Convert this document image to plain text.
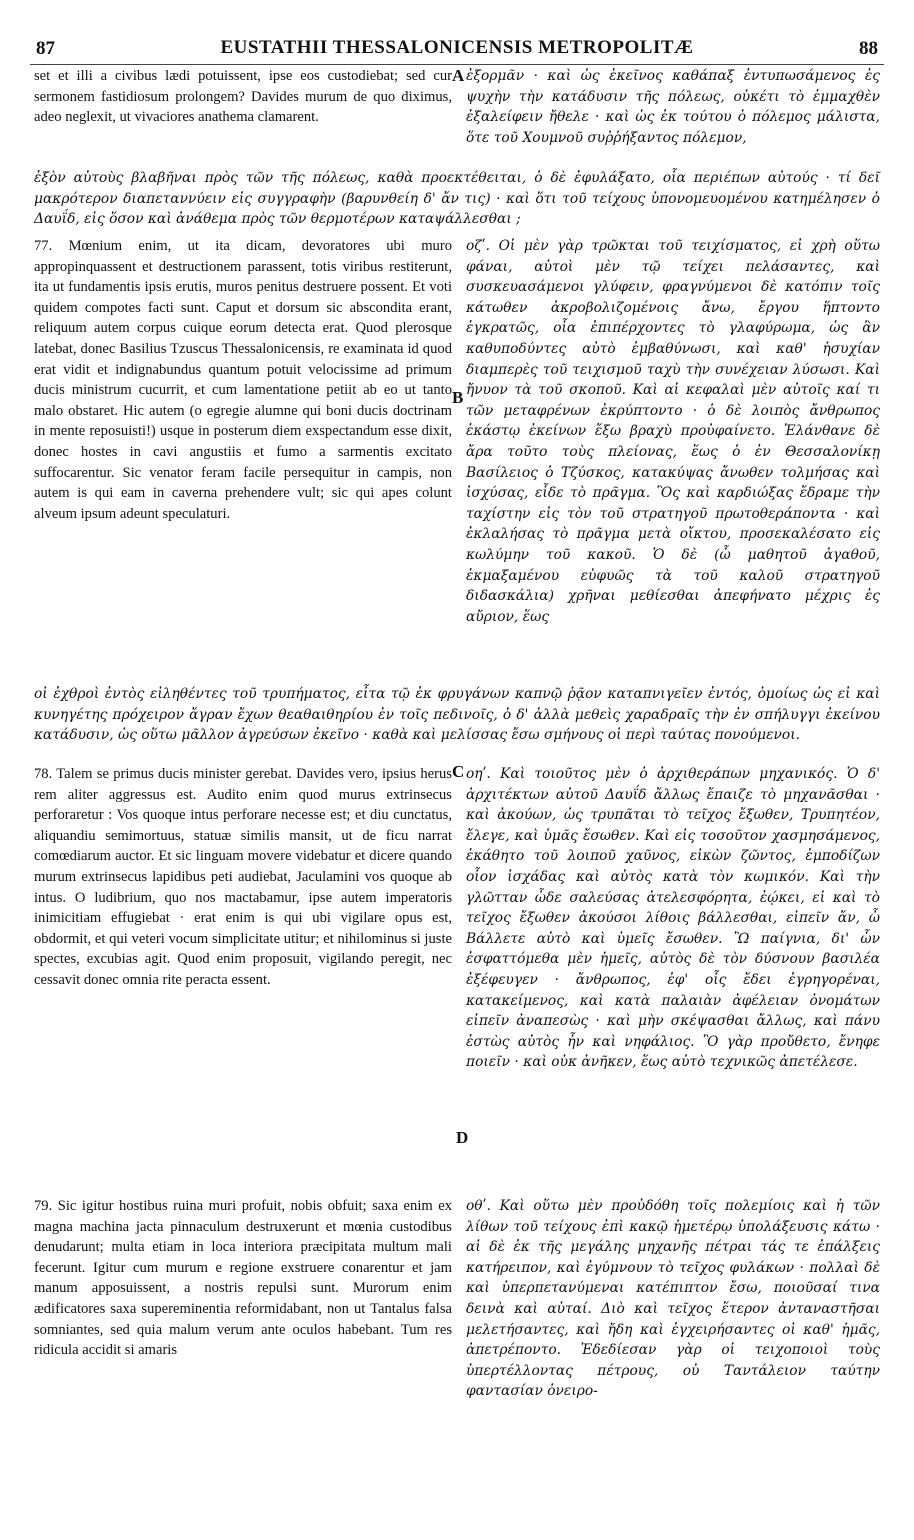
87	EUSTATHII THESSALONICENSIS METROPOLITÆ	88

set et illi a civibus lædi potuissent, ipse eos custodiebat; sed cur sermonem fastidiosum prolongem? Davides murum de quo diximus, adeo neglexit, ut vivaciores anathema clamarent.

A ἐξορμᾶν · καὶ ὡς ἐκεῖνος καθάπαξ ἐντυπωσάμενος ἐς ψυχὴν τὴν κατάδυσιν τῆς πόλεως, οὐκέτι τὸ ἐμμαχθὲν ἐξαλείφειν ἤθελε · καὶ ὡς ἐκ τούτου ὁ πόλεμος μάλιστα, ὅτε τοῦ Χουμνοῦ συῤῥήξαντος πόλεμον,

ἐξὸν αὐτοὺς βλαβῆναι πρὸς τῶν τῆς πόλεως, καθὰ προεκτέθειται, ὁ δὲ ἐφυλάξατο, οἷα περιέπων αὐτούς · τί δεῖ μακρότερον διαπεταννύειν εἰς συγγραφὴν (βαρυνθείη δ' ἄν τις) · καὶ ὅτι τοῦ τείχους ὑπονομευομένου κατημέλησεν ὁ Δαυΐδ, εἰς ὅσον καὶ ἀνάθεμα πρὸς τῶν θερμοτέρων καταψάλλεσθαι ;

77. Mœnium enim, ut ita dicam, devoratores ubi muro appropinquassent et destructionem parassent, totis viribus restiterunt, ita ut fundamentis ipsis erutis, muros penitus destruere possent. Et voti quidem compotes facti sunt. Caput et dorsum sic abscondita erant, reliquum autem corpus cuique eorum detecta erat. Quod plerosque latebat, donec Basilius Tzuscus Thessalonicensis, re examinata id quod erat vidit et indignabundus quantum potuit velocissime ad primum ducis ministrum cucurrit, et cum lamentatione petiit ab eo ut tanto malo obstaret. Hic autem (o egregie alumne qui boni ducis doctrinam in mente reposuisti!) usque in posterum diem exspectandum esse dixit, donec hostes in cavi angustiis et fumo a sarmentis excitato suffocarentur. Sic venator feram facile persequitur in campis, non autem is qui eam in caverna prehendere vult; sic qui apes colunt alveum ipsum adeunt speculaturi.

B

οζʹ. Οἱ μὲν γὰρ τρῶκται τοῦ τειχίσματος, εἰ χρὴ οὕτω φάναι, αὐτοὶ μὲν τῷ τείχει πελάσαντες, καὶ συσκευασάμενοι γλύφειν, φραγνύμενοι δὲ κατόπιν τοῖς κάτωθεν ἀκροβολιζομένοις ἄνω, ἔργου ἥπτοντο ἐγκρατῶς, οἷα ἐπιπέρχοντες τὸ γλαφύρωμα, ὡς ἂν καθυποδύντες αὐτὸ ἐμβαθύνωσι, καὶ καθ' ἡσυχίαν διαμπερὲς τοῦ τειχισμοῦ ταχὺ τὴν συνέχειαν λύσωσι. Καὶ ἤνυον τὰ τοῦ σκοποῦ. Καὶ αἱ κεφαλαὶ μὲν αὐτοῖς καί τι τῶν μεταφρένων ἐκρύπτοντο · ὁ δὲ λοιπὸς ἄνθρωπος ἑκάστῳ ἐκείνων ἔξω βραχὺ προὐφαίνετο. Ἐλάνθανε δὲ ἄρα τοῦτο τοὺς πλείονας, ἕως ὁ ἐν Θεσσαλονίκῃ Βασίλειος ὁ Τζύσκος, κατακύψας ἄνωθεν τολμήσας καὶ ἰσχύσας, εἶδε τὸ πρᾶγμα. Ὃς καὶ καρδιώξας ἔδραμε τὴν ταχίστην εἰς τὸν τοῦ στρατηγοῦ πρωτοθεράποντα · καὶ ἐκλαλήσας τὸ πρᾶγμα μετὰ οἴκτου, προσεκαλέσατο εἰς κωλύμην τοῦ κακοῦ. Ὁ δὲ (ὦ μαθητοῦ ἀγαθοῦ, ἐκμαξαμένου εὐφυῶς τὰ τοῦ καλοῦ στρατηγοῦ διδασκάλια) χρῆναι μεθίεσθαι ἀπεφήνατο μέχρις ἐς αὔριον, ἕως

οἱ ἐχθροὶ ἐντὸς εἰληθέντες τοῦ τρυπήματος, εἶτα τῷ ἐκ φρυγάνων καπνῷ ῥᾷον καταπνιγεῖεν ἐντός, ὁμοίως ὡς εἰ καὶ κυνηγέτης πρόχειρον ἄγραν ἔχων θεαθαιθηρίου ἐν τοῖς πεδινοῖς, ὁ δ' ἀλλὰ μεθεὶς χαραδραῖς τὴν ἐν σπήλυγγι ἐκείνου κατάδυσιν, ὡς οὕτω μᾶλλον ἀγρεύσων ἐκεῖνο · καθὰ καὶ μελίσσας ἔσω σμήνους οἱ περὶ ταύτας πονούμενοι.

78. Talem se primus ducis minister gerebat. Davides vero, ipsius herus rem aliter aggressus est. Audito enim quod murus extrinsecus perforaretur : Vos quoque intus perforare necesse est; et diu cunctatus, aliquandiu semimortuus, statuæ similis mansit, ut de ficu narrat comœdiarum auctor. Et sic linguam movere videbatur et dicere quando murum extrinsecus lapidibus peti audiebat, Jaculamini vos quoque ab intus. O ludibrium, quo nos mactabamur, ipse autem imperatoris inimicitiam effugiebat · erat enim is qui ubi vigilare opus est, obdormit, et qui veteri vocum simplicitate utitur; et nihilominus si juste spectes, excubias agit. Quod enim proposuit, vigilando peregit, nec cessavit donec omnia rite peracta essent.

C οηʹ. Καὶ τοιοῦτος μὲν ὁ ἀρχιθεράπων μηχανικός. Ὁ δ' ἀρχιτέκτων αὐτοῦ Δαυΐδ ἄλλως ἔπαιζε τὸ μηχανᾶσθαι · καὶ ἀκούων, ὡς τρυπᾶται τὸ τεῖχος ἔξωθεν, Τρυπητέον, ἔλεγε, καὶ ὑμᾶς ἔσωθεν. Καὶ εἰς τοσοῦτον χασμησάμενος, ἐκάθητο τοῦ λοιποῦ χαῦνος, εἰκὼν ζῶντος, ἐμποδίζων οἷον ἰσχάδας καὶ αὐτὸς κατὰ τὸν κωμικόν. Καὶ τὴν γλῶτταν ὧδε σαλεύσας ἀτελεσφόρητα, ἐῴκει, εἰ καὶ τὸ τεῖχος ἔξωθεν ἀκούσοι λίθοις βάλλεσθαι, εἰπεῖν ἄν, ὦ Βάλλετε αὐτὸ καὶ ὑμεῖς ἔσωθεν. Ὢ παίγνια, δι' ὧν ἐσφαττόμεθα μὲν ἡμεῖς, αὐτὸς δὲ τὸν δύσνουν βασιλέα ἐξέφευγεν · ἄνθρωπος, ἐφ' οἷς ἔδει ἐγρηγορέναι, κατακείμενος, καὶ κατὰ παλαιὰν ἀφέλειαν ὀνομάτων εἰπεῖν ἀναπεσὼς · καὶ μὴν σκέψασθαι ἄλλως, καὶ πάνυ ἐστὼς αὐτὸς ἦν καὶ νηφάλιος. Ὃ γὰρ προὔθετο, ἔνηφε ποιεῖν · καὶ οὐκ ἀνῆκεν, ἕως αὐτὸ τεχνικῶς ἀπετέλεσε.

D

79. Sic igitur hostibus ruina muri profuit, nobis obfuit; saxa enim ex magna machina jacta pinnaculum destruxerunt et mœnia custodibus denudarunt; multa etiam in loca interiora præcipitata multum mali fecerunt. Igitur cum murum e regione exstruere conarentur et jam manum apposuissent, a nostris repulsi sunt. Murorum enim ædificatores saxa supereminentia reformidabant, non ut Tantalus falsa somniantes, sed quia malum verum ante oculos habebant. Tum res ridicula accidit si amaris

οθʹ. Καὶ οὕτω μὲν προὐδόθη τοῖς πολεμίοις καὶ ἡ τῶν λίθων τοῦ τείχους ἐπὶ κακῷ ἡμετέρῳ ὑπολάξευσις κάτω · αἱ δὲ ἐκ τῆς μεγάλης μηχανῆς πέτραι τάς τε ἐπάλξεις κατήρειπον, καὶ ἐγύμνουν τὸ τεῖχος φυλάκων · πολλαὶ δὲ καὶ ὑπερπετανύμεναι κατέπιπτον ἔσω, ποιοῦσαί τινα δεινὰ καὶ αὐταί. Διὸ καὶ τεῖχος ἕτερον ἀνταναστῆσαι μελετήσαντες, καὶ ἤδη καὶ ἐγχειρήσαντες οἱ καθ' ἡμᾶς, ἀπετρέποντο. Ἐδεδίεσαν γὰρ οἱ τειχοποιοὶ τοὺς ὑπερτέλλοντας πέτρους, οὐ Ταντάλειον ταύτην φαντασίαν ὀνειρο-
